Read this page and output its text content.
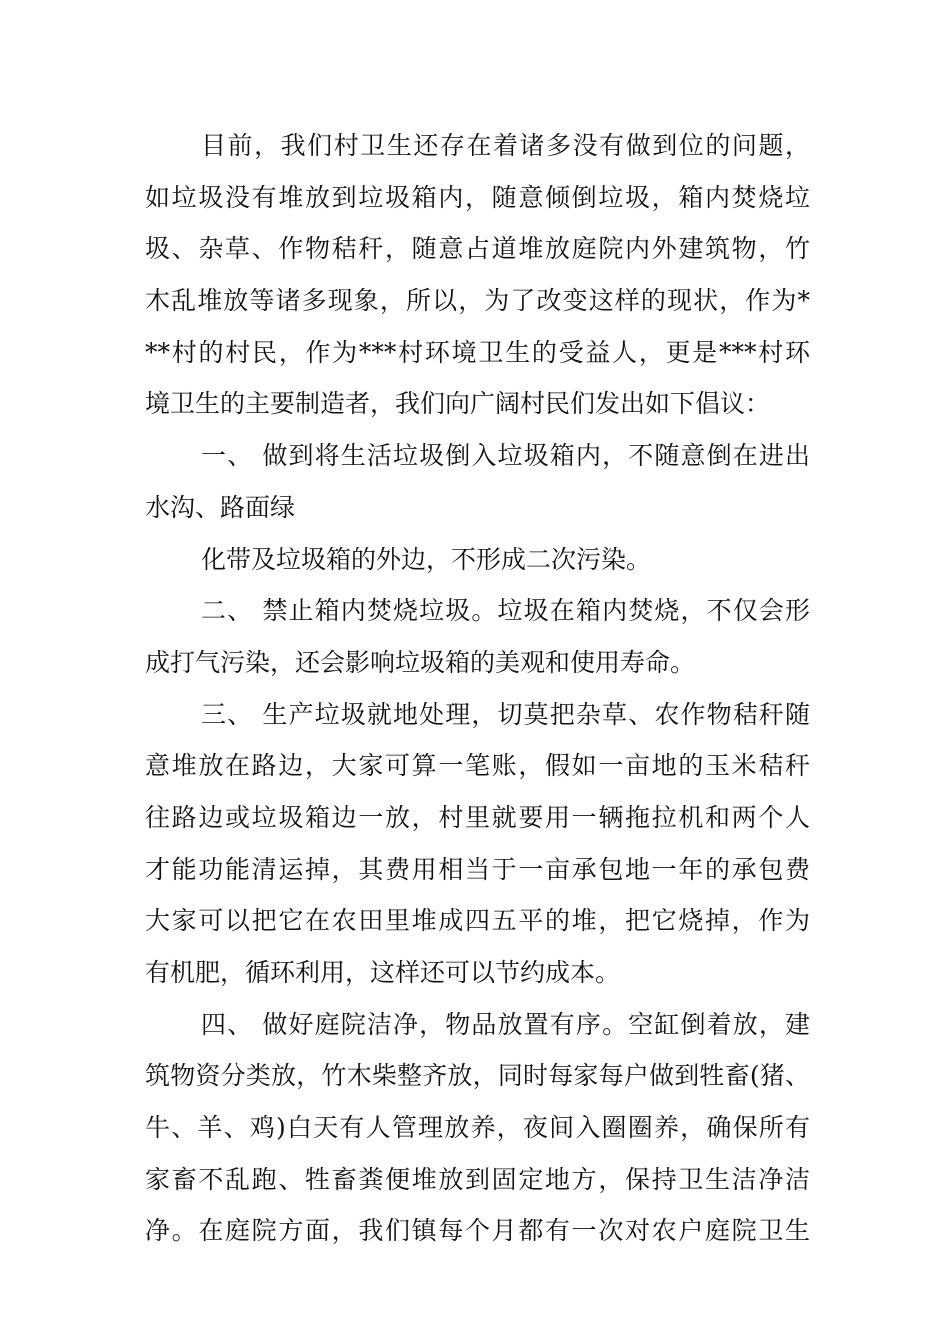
目前，我们村卫生还存在着诸多没有做到位的问题，
如垃圾没有堆放到垃圾箱内，随意倾倒垃圾，箱内焚烧垃
圾、杂草、作物秸秆，随意占道堆放庭院内外建筑物，竹
木乱堆放等诸多现象，所以，为了改变这样的现状，作为*
**村的村民，作为***村环境卫生的受益人，更是***村环
境卫生的主要制造者，我们向广阔村民们发出如下倡议：
一、 做到将生活垃圾倒入垃圾箱内，不随意倒在进出
水沟、路面绿
化带及垃圾箱的外边，不形成二次污染。
二、 禁止箱内焚烧垃圾。垃圾在箱内焚烧，不仅会形
成打气污染，还会影响垃圾箱的美观和使用寿命。
三、 生产垃圾就地处理，切莫把杂草、农作物秸秆随
意堆放在路边，大家可算一笔账，假如一亩地的玉米秸秆
往路边或垃圾箱边一放，村里就要用一辆拖拉机和两个人
才能功能清运掉，其费用相当于一亩承包地一年的承包费
大家可以把它在农田里堆成四五平的堆，把它烧掉，作为
有机肥，循环利用，这样还可以节约成本。
四、 做好庭院洁净，物品放置有序。空缸倒着放，建
筑物资分类放，竹木柴整齐放，同时每家每户做到牲畜(猪、
牛、羊、鸡)白天有人管理放养，夜间入圈圈养，确保所有
家畜不乱跑、牲畜粪便堆放到固定地方，保持卫生洁净洁
净。在庭院方面，我们镇每个月都有一次对农户庭院卫生
